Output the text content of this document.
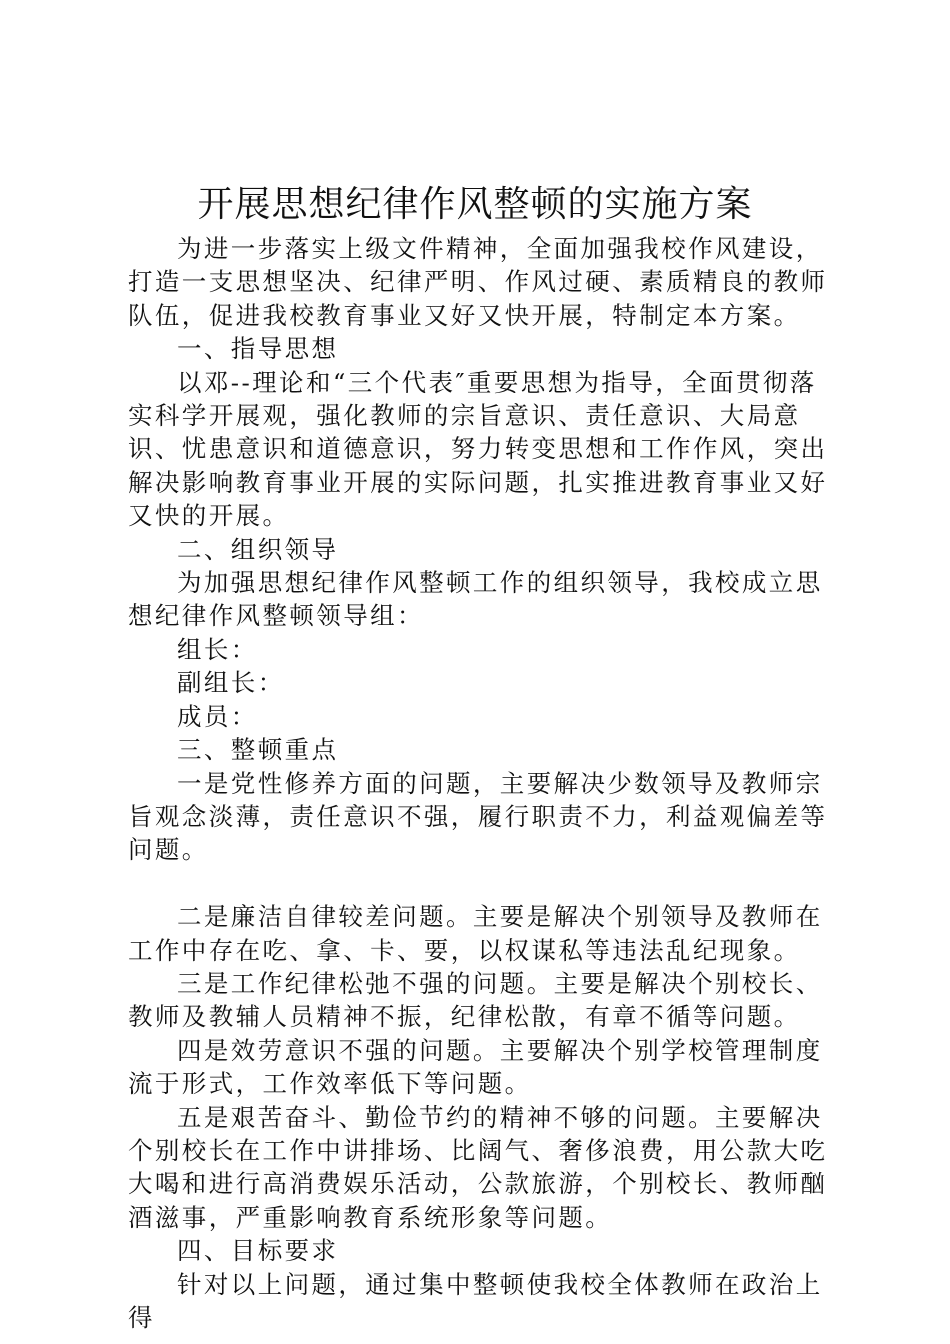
开展思想纪律作风整顿的实施方案

为进一步落实上级文件精神，全面加强我校作风建设，打造一支思想坚决、纪律严明、作风过硬、素质精良的教师队伍，促进我校教育事业又好又快开展，特制定本方案。

一、指导思想

以邓--理论和“三个代表″重要思想为指导，全面贯彻落实科学开展观，强化教师的宗旨意识、责任意识、大局意识、忧患意识和道德意识，努力转变思想和工作作风，突出解决影响教育事业开展的实际问题，扎实推进教育事业又好又快的开展。

二、组织领导

为加强思想纪律作风整顿工作的组织领导，我校成立思想纪律作风整顿领导组：

组长：

副组长：

成员：

三、整顿重点

一是党性修养方面的问题，主要解决少数领导及教师宗旨观念淡薄，责任意识不强，履行职责不力，利益观偏差等问题。

二是廉洁自律较差问题。主要是解决个别领导及教师在工作中存在吃、拿、卡、要，以权谋私等违法乱纪现象。

三是工作纪律松弛不强的问题。主要是解决个别校长、教师及教辅人员精神不振，纪律松散，有章不循等问题。

四是效劳意识不强的问题。主要解决个别学校管理制度流于形式，工作效率低下等问题。

五是艰苦奋斗、勤俭节约的精神不够的问题。主要解决个别校长在工作中讲排场、比阔气、奢侈浪费，用公款大吃大喝和进行高消费娱乐活动，公款旅游，个别校长、教师酗酒滋事，严重影响教育系统形象等问题。

四、目标要求

针对以上问题，通过集中整顿使我校全体教师在政治上得
